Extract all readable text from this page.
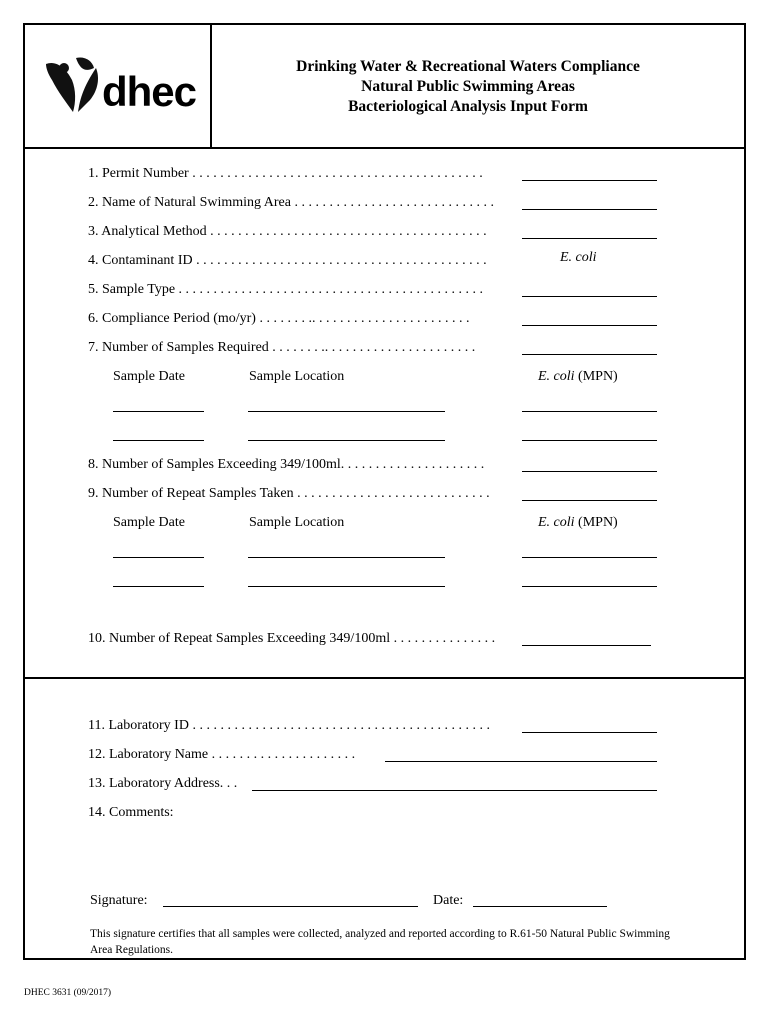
dhec
Drinking Water & Recreational Waters Compliance
Natural Public Swimming Areas
Bacteriological Analysis Input Form
1. Permit Number . . . . . . . . . . . . . . . . . . . . . . . . . . . . . . . . . . . . . . . . . .
2. Name of Natural Swimming Area . . . . . . . . . . . . . . . . . . . . . . . . . . . . .
3. Analytical Method . . . . . . . . . . . . . . . . . . . . . . . . . . . . . . . . . . . . . . . .
4. Contaminant ID . . . . . . . . . . . . . . . . . . . . . . . . . . . . . . . . . . . . . . . . . .	E. coli
5. Sample Type . . . . . . . . . . . . . . . . . . . . . . . . . . . . . . . . . . . . . . . . . . . .
6. Compliance Period (mo/yr) . . . . . . . .. . . . . . . . . . . . . . . . . . . . . . .
7. Number of Samples Required . . . . . . . .. . . . . . . . . . . . . . . . . . . . . .
Sample Date	Sample Location	E. coli (MPN)
8. Number of Samples Exceeding 349/100ml. . . . . . . . . . . . . . . . . . . . .
9. Number of Repeat Samples Taken . . . . . . . . . . . . . . . . . . . . . . . . . . . .
Sample Date	Sample Location	E. coli (MPN)
10. Number of Repeat Samples Exceeding 349/100ml . . . . . . . . . . . . . . .
11. Laboratory ID . . . . . . . . . . . . . . . . . . . . . . . . . . . . . . . . . . . . . . . . . . .
12. Laboratory Name . . . . . . . . . . . . . . . . . . . . .
13. Laboratory Address. . .
14. Comments:
Signature:	Date:
This signature certifies that all samples were collected, analyzed and reported according to R.61-50 Natural Public Swimming Area Regulations.
DHEC 3631 (09/2017)
